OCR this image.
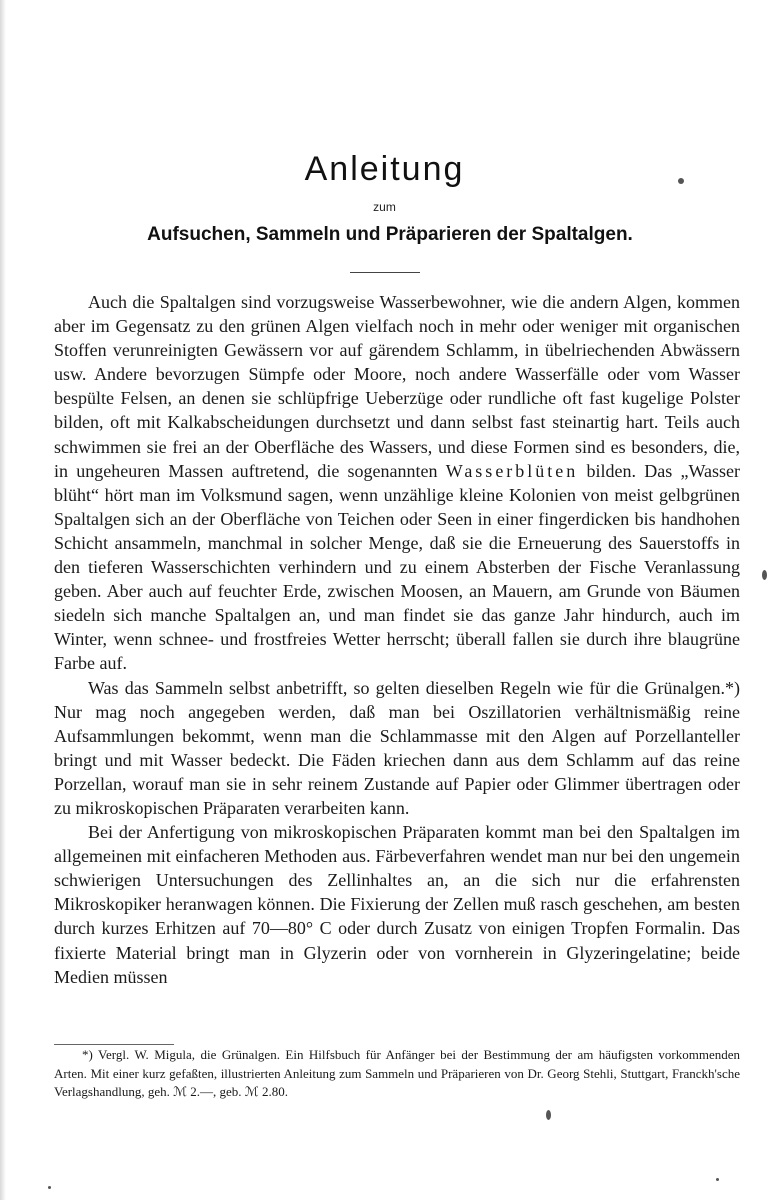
Anleitung
zum
Aufsuchen, Sammeln und Präparieren der Spaltalgen.

Auch die Spaltalgen sind vorzugsweise Wasserbewohner, wie die andern Algen, kommen aber im Gegensatz zu den grünen Algen vielfach noch in mehr oder weniger mit organischen Stoffen verunreinigten Gewässern vor auf gärendem Schlamm, in übelriechenden Abwässern usw. Andere bevorzugen Sümpfe oder Moore, noch andere Wasserfälle oder vom Wasser bespülte Felsen, an denen sie schlüpfrige Ueberzüge oder rundliche oft fast kugelige Polster bilden, oft mit Kalkabscheidungen durchsetzt und dann selbst fast steinartig hart. Teils auch schwimmen sie frei an der Oberfläche des Wassers, und diese Formen sind es besonders, die, in ungeheuren Massen auftretend, die sogenannten Wasserblüten bilden. Das „Wasser blüht“ hört man im Volksmund sagen, wenn unzählige kleine Kolonien von meist gelbgrünen Spaltalgen sich an der Oberfläche von Teichen oder Seen in einer fingerdicken bis handhohen Schicht ansammeln, manchmal in solcher Menge, daß sie die Erneuerung des Sauerstoffs in den tieferen Wasserschichten verhindern und zu einem Absterben der Fische Veranlassung geben. Aber auch auf feuchter Erde, zwischen Moosen, an Mauern, am Grunde von Bäumen siedeln sich manche Spaltalgen an, und man findet sie das ganze Jahr hindurch, auch im Winter, wenn schnee- und frostfreies Wetter herrscht; überall fallen sie durch ihre blaugrüne Farbe auf.

Was das Sammeln selbst anbetrifft, so gelten dieselben Regeln wie für die Grünalgen.*) Nur mag noch angegeben werden, daß man bei Oszillatorien verhältnismäßig reine Aufsammlungen bekommt, wenn man die Schlammasse mit den Algen auf Porzellanteller bringt und mit Wasser bedeckt. Die Fäden kriechen dann aus dem Schlamm auf das reine Porzellan, worauf man sie in sehr reinem Zustande auf Papier oder Glimmer übertragen oder zu mikroskopischen Präparaten verarbeiten kann.

Bei der Anfertigung von mikroskopischen Präparaten kommt man bei den Spaltalgen im allgemeinen mit einfacheren Methoden aus. Färbeverfahren wendet man nur bei den ungemein schwierigen Untersuchungen des Zellinhaltes an, an die sich nur die erfahrensten Mikroskopiker heranwagen können. Die Fixierung der Zellen muß rasch geschehen, am besten durch kurzes Erhitzen auf 70—80° C oder durch Zusatz von einigen Tropfen Formalin. Das fixierte Material bringt man in Glyzerin oder von vornherein in Glyzeringelatine; beide Medien müssen

*) Vergl. W. Migula, die Grünalgen. Ein Hilfsbuch für Anfänger bei der Bestimmung der am häufigsten vorkommenden Arten. Mit einer kurz gefaßten, illustrierten Anleitung zum Sammeln und Präparieren von Dr. Georg Stehli, Stuttgart, Franckh'sche Verlagshandlung, geh. ℳ 2.—, geb. ℳ 2.80.
